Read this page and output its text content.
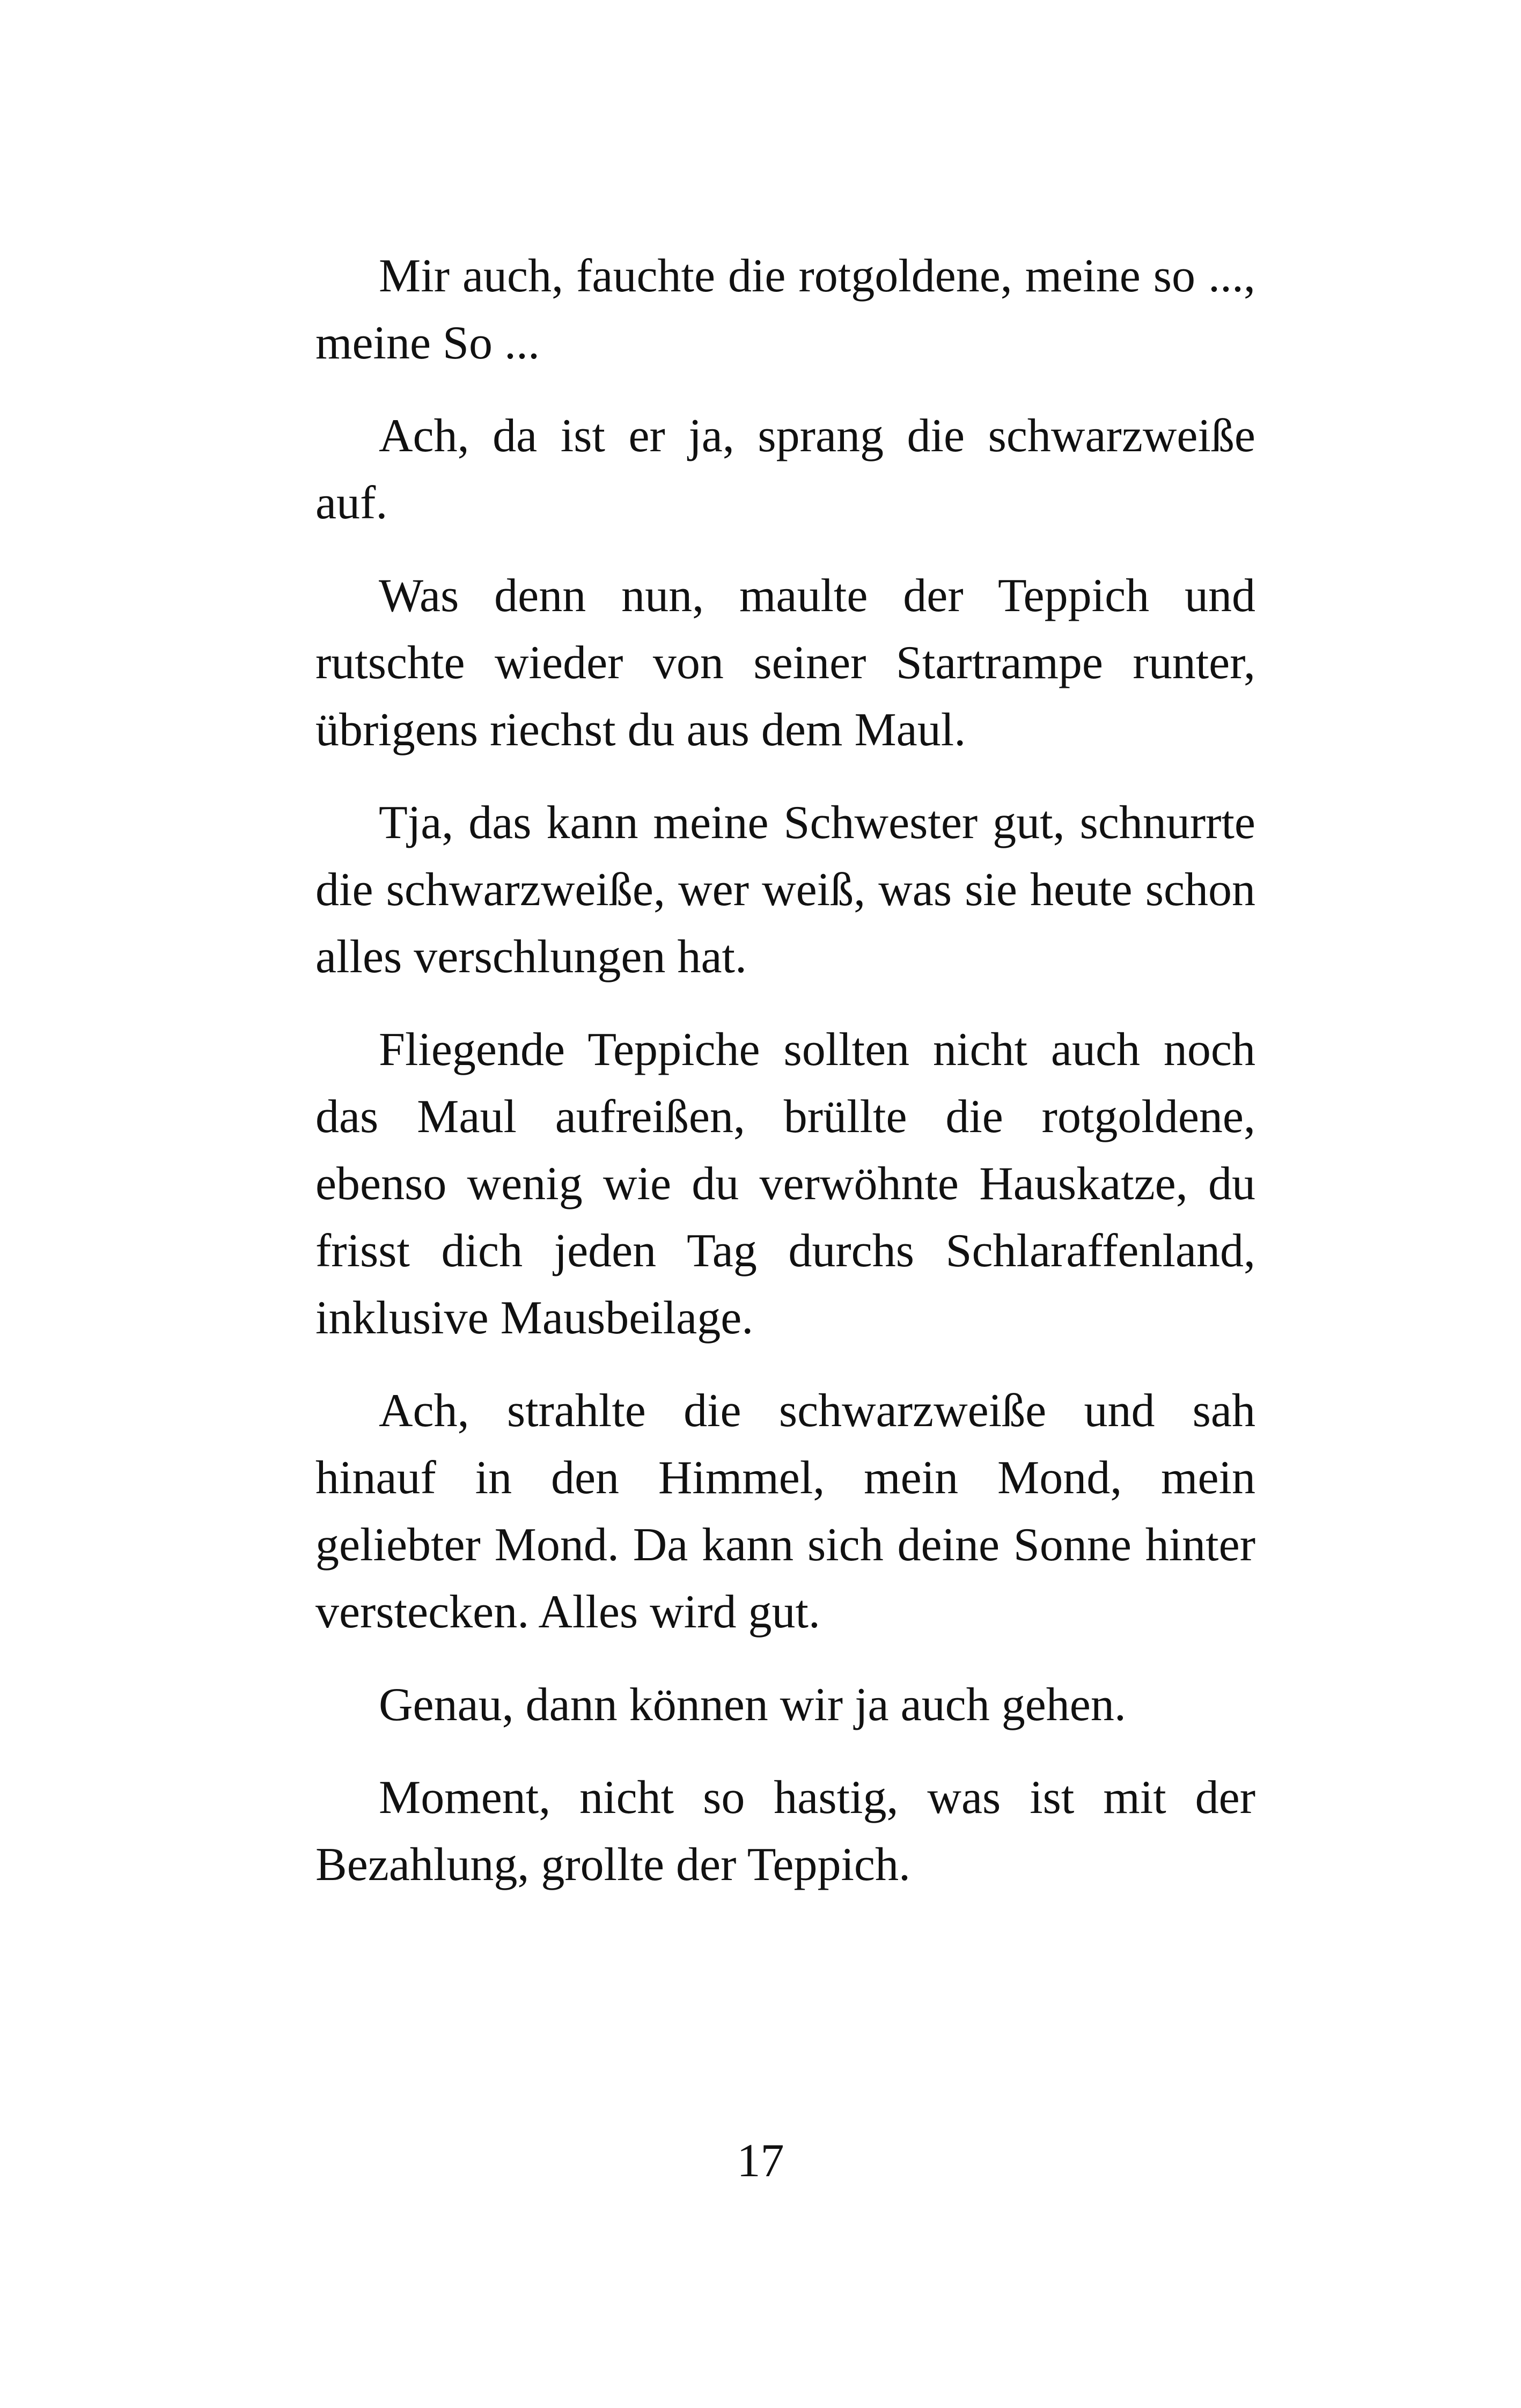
Mir auch, fauchte die rotgoldene, meine so ..., meine So ...

Ach, da ist er ja, sprang die schwarzweiße auf.

Was denn nun, maulte der Teppich und rutschte wieder von seiner Startrampe runter, übrigens riechst du aus dem Maul.

Tja, das kann meine Schwester gut, schnurrte die schwarzweiße, wer weiß, was sie heute schon alles verschlungen hat.

Fliegende Teppiche sollten nicht auch noch das Maul aufreißen, brüllte die rotgoldene, ebenso wenig wie du verwöhnte Hauskatze, du frisst dich jeden Tag durchs Schlaraffenland, inklusive Mausbeilage.

Ach, strahlte die schwarzweiße und sah hinauf in den Himmel, mein Mond, mein geliebter Mond. Da kann sich deine Sonne hinter verstecken. Alles wird gut.

Genau, dann können wir ja auch gehen.

Moment, nicht so hastig, was ist mit der Bezahlung, grollte der Teppich.

17
